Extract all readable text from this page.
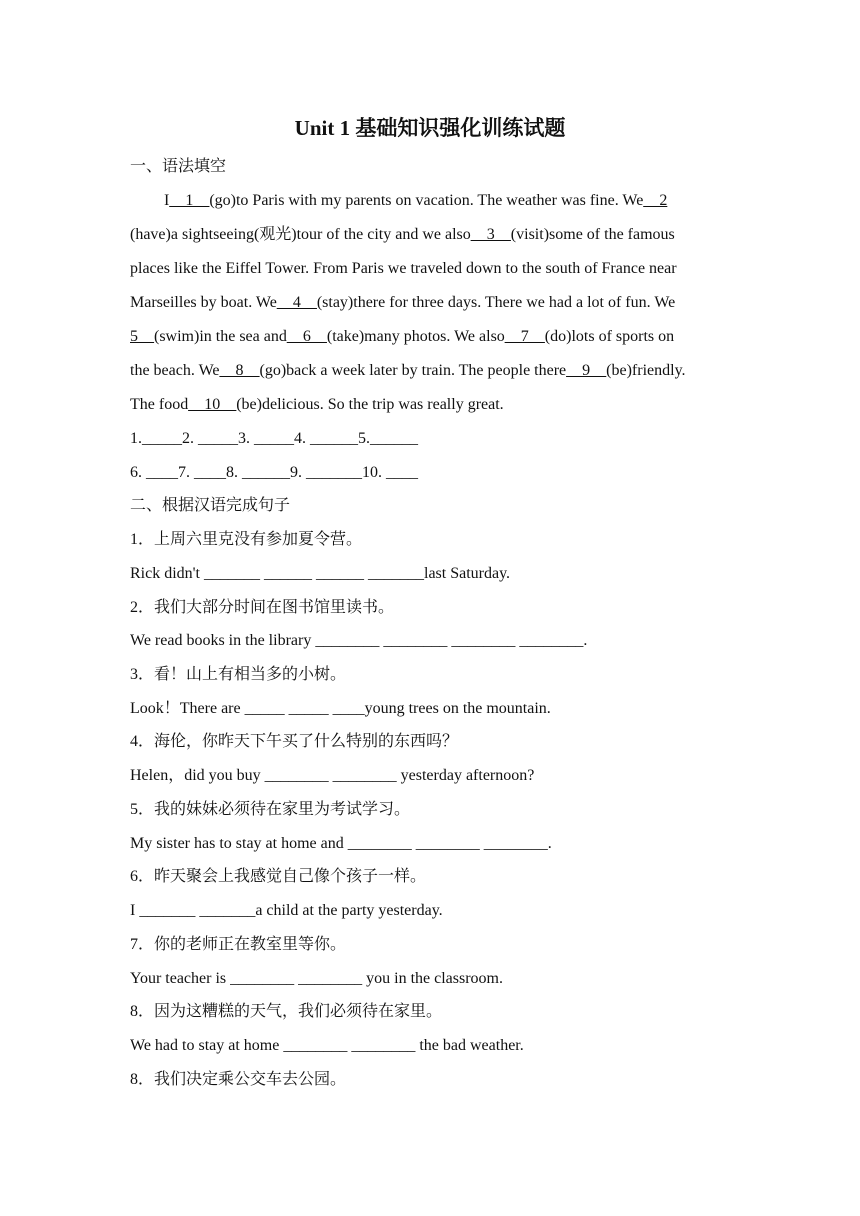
Unit 1 基础知识强化训练试题
一、语法填空
I__1__(go)to Paris with my parents on vacation. The weather was fine. We__2
(have)a sightseeing(观光)tour of the city and we also__3__(visit)some of the famous
places like the Eiffel Tower. From Paris we traveled down to the south of France near
Marseilles by boat. We__4__(stay)there for three days. There we had a lot of fun. We
5__(swim)in the sea and__6__(take)many photos. We also__7__(do)lots of sports on
the beach. We__8__(go)back a week later by train. The people there__9__(be)friendly.
The food__10__(be)delicious. So the trip was really great.
1._____2. _____3. _____4. ______5.______
6. ____7. ____8. ______9. _______10. ____
二、根据汉语完成句子
1．上周六里克没有参加夏令营。
Rick didn't _______ ______ ______ _______last Saturday.
2．我们大部分时间在图书馆里读书。
We read books in the library ________ ________ ________ ________.
3．看！山上有相当多的小树。
Look！There are _____ _____ ____young trees on the mountain.
4．海伦，你昨天下午买了什么特别的东西吗？
Helen，did you buy ________ ________ yesterday afternoon?
5．我的妹妹必须待在家里为考试学习。
My sister has to stay at home and ________ ________ ________.
6．昨天聚会上我感觉自己像个孩子一样。
I _______ _______a child at the party yesterday.
7．你的老师正在教室里等你。
Your teacher is ________ ________ you in the classroom.
8．因为这糟糕的天气，我们必须待在家里。
We had to stay at home ________ ________ the bad weather.
8．我们决定乘公交车去公园。
